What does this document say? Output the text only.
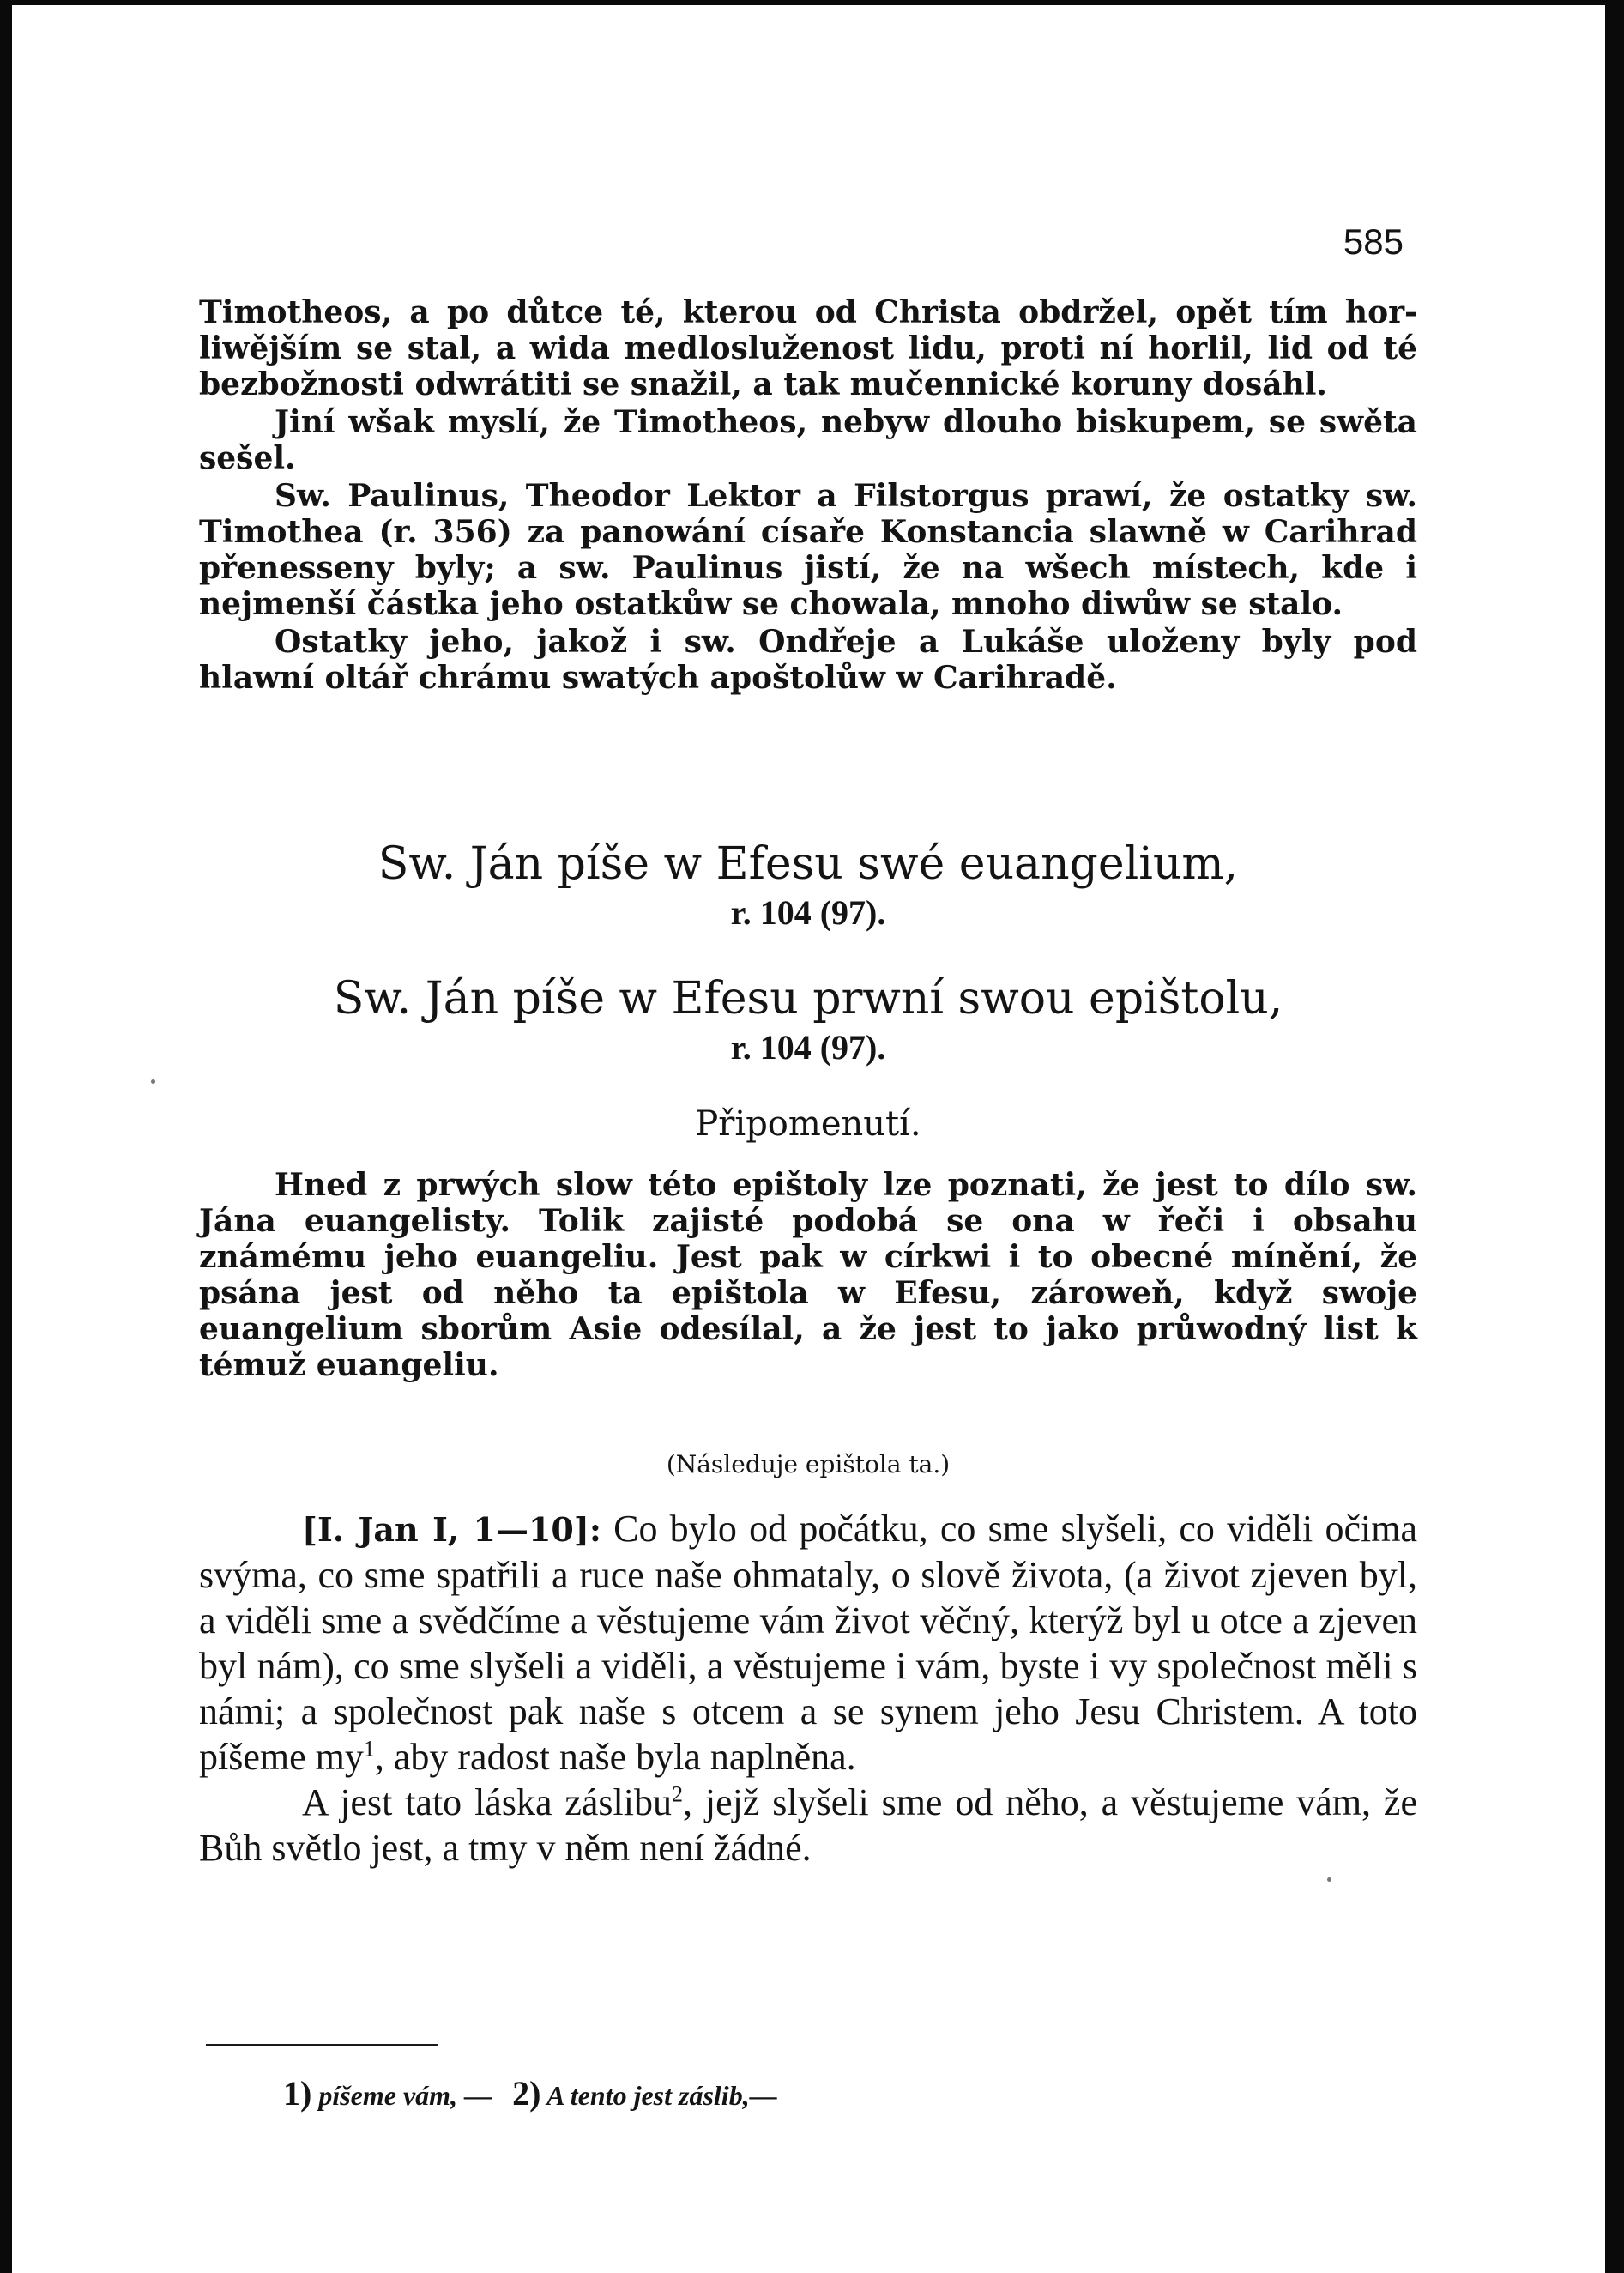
585

Timotheos, a po důtce té, kterou od Christa obdržel, opět tím hor- liwějším se stal, a wida medlosluženost lidu, proti ní horlil, lid od té bezbožnosti odwrátiti se snažil, a tak mučennické koruny dosáhl.

Jiní wšak myslí, že Timotheos, nebyw dlouho biskupem, se swěta sešel.

Sw. Paulinus, Theodor Lektor a Filstorgus prawí, že ostatky sw. Timothea (r. 356) za panowání císaře Konstancia slawně w Carihrad přenesseny byly; a sw. Paulinus jistí, že na wšech místech, kde i nejmenší částka jeho ostatkůw se chowala, mnoho diwůw se stalo.

Ostatky jeho, jakož i sw. Ondřeje a Lukáše uloženy byly pod hlawní oltář chrámu swatých apoštolůw w Carihradě.

Sw. Ján píše w Efesu swé euangelium,
r. 104 (97).
Sw. Ján píše w Efesu prwní swou epištolu,
r. 104 (97).
Připomenutí.

Hned z prwých slow této epištoly lze poznati, že jest to dílo sw. Jána euangelisty. Tolik zajisté podobá se ona w řeči i obsahu známému jeho euangeliu. Jest pak w církwi i to obecné mínění, že psána jest od něho ta epištola w Efesu, zároweň, když swoje euangelium sborům Asie odesílal, a že jest to jako průwodný list k témuž euangeliu.

(Následuje epištola ta.)

[I. Jan I, 1—10]: Co bylo od počátku, co sme slyšeli, co viděli očima svýma, co sme spatřili a ruce naše ohmataly, o slově života, (a život zjeven byl, a viděli sme a svědčíme a věstujeme vám život věčný, kterýž byl u otce a zjeven byl nám), co sme slyšeli a viděli, a věstujeme i vám, byste i vy společnost měli s námi; a společnost pak naše s otcem a se synem jeho Jesu Christem. A toto píšeme $my^1$, aby radost naše byla naplněna.

A jest tato láska záslibu$^2$, jejž slyšeli sme od něho, a věstujeme vám, že Bůh světlo jest, a tmy v něm není žádné.

1) píšeme vám, — 2) A tento jest záslib,—
